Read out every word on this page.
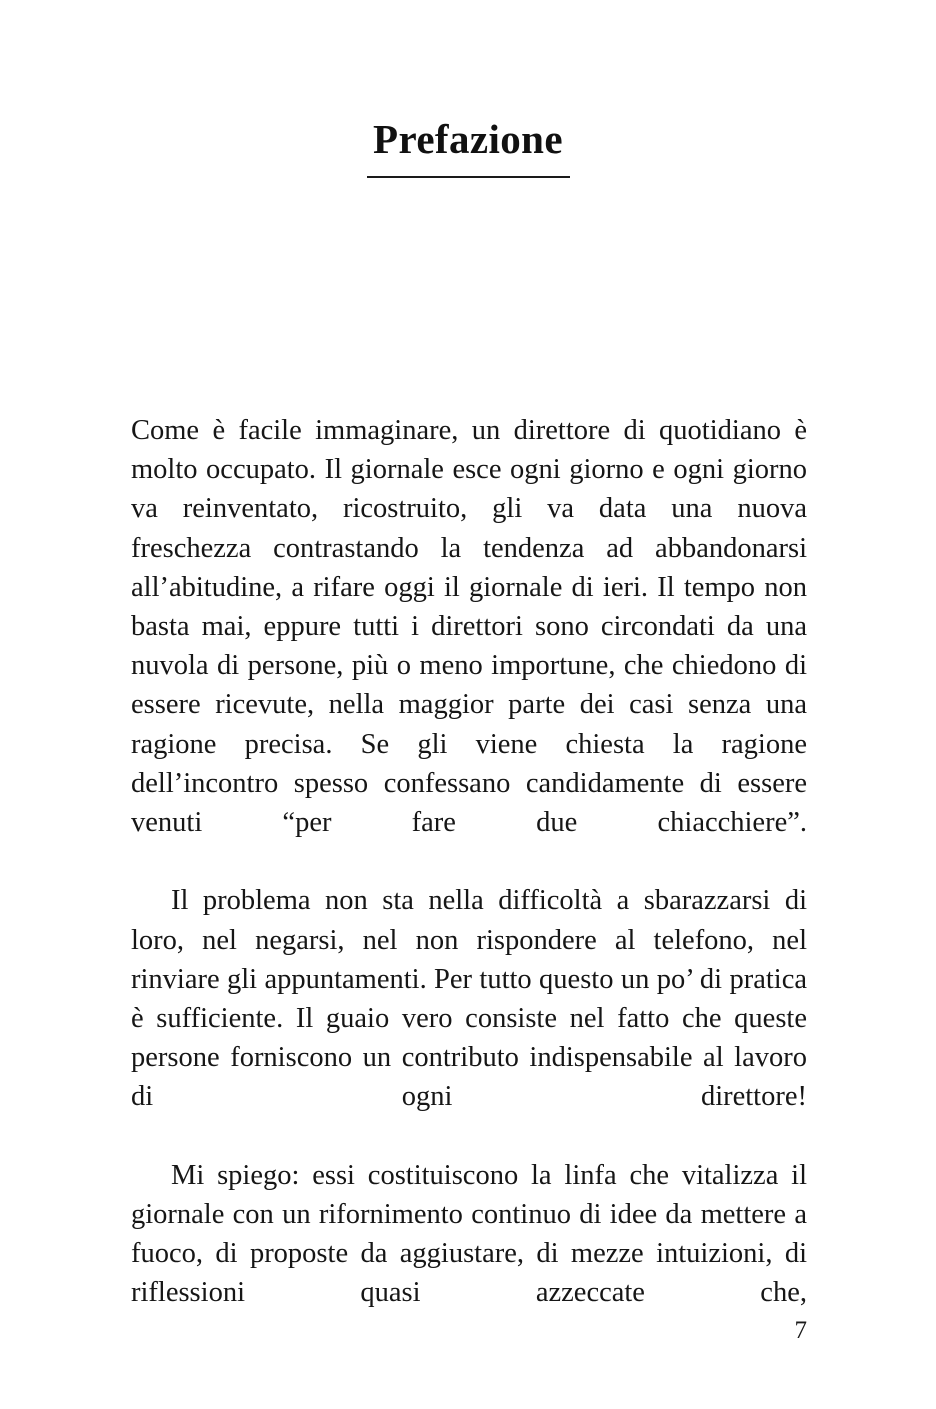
Prefazione

Come è facile immaginare, un direttore di quotidiano è molto occupato. Il giornale esce ogni giorno e ogni giorno va reinventato, ricostruito, gli va data una nuova freschezza contrastando la tendenza ad abbandonarsi all’abitudine, a rifare oggi il giornale di ieri. Il tempo non basta mai, eppure tutti i direttori sono circondati da una nuvola di persone, più o meno importune, che chiedono di essere ricevute, nella maggior parte dei casi senza una ragione precisa. Se gli viene chiesta la ragione dell’incontro spesso confessano candidamente di essere venuti “per fare due chiacchiere”.

Il problema non sta nella difficoltà a sbarazzarsi di loro, nel negarsi, nel non rispondere al telefono, nel rinviare gli appuntamenti. Per tutto questo un po’ di pratica è sufficiente. Il guaio vero consiste nel fatto che queste persone forniscono un contributo indispensabile al lavoro di ogni direttore!

Mi spiego: essi costituiscono la linfa che vitalizza il giornale con un rifornimento continuo di idee da mettere a fuoco, di proposte da aggiustare, di mezze intuizioni, di riflessioni quasi azzeccate che,

7
